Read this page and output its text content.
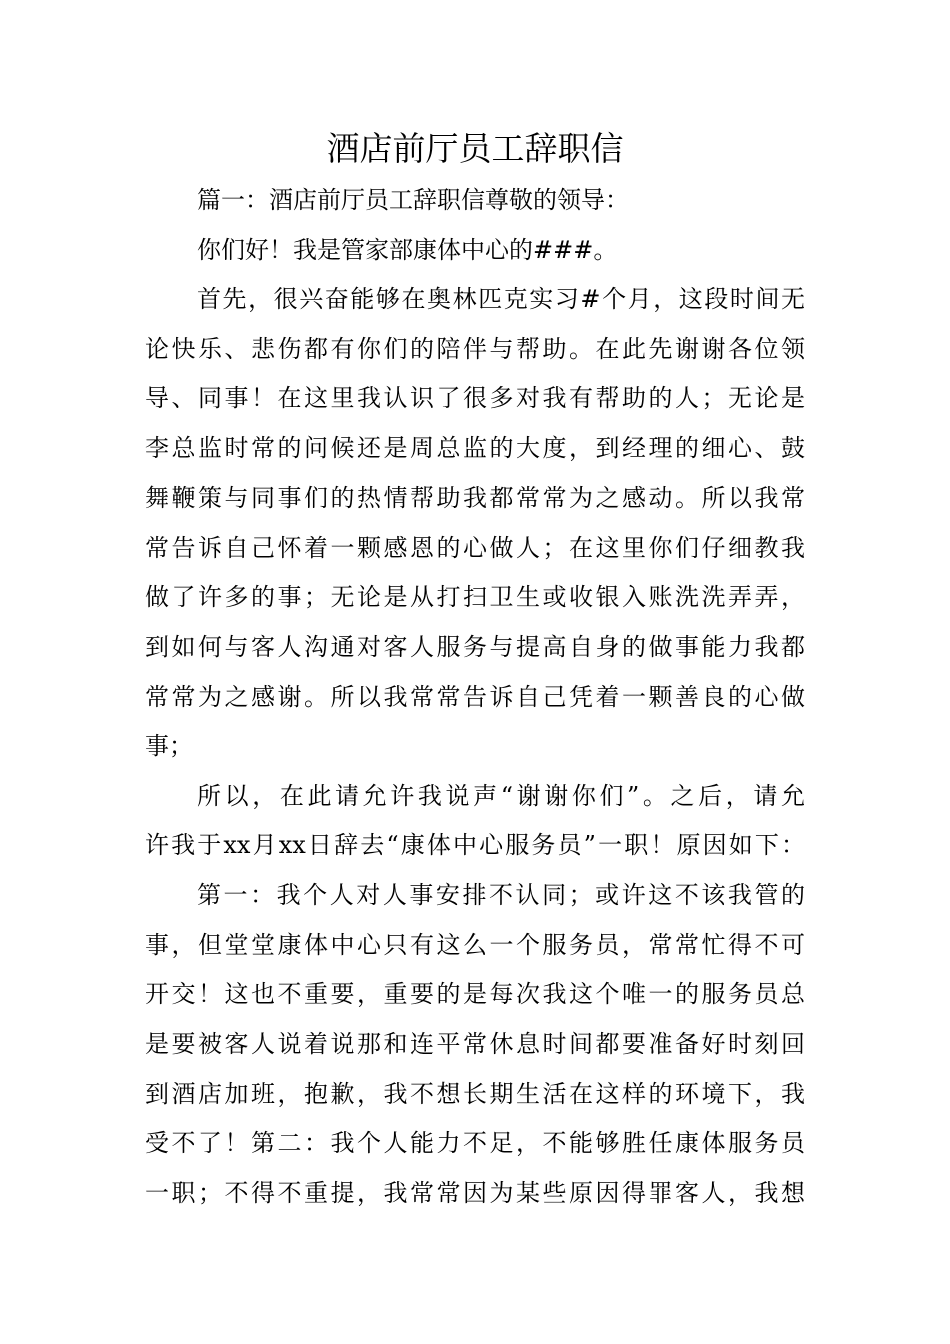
酒店前厅员工辞职信

篇一：酒店前厅员工辞职信尊敬的领导：

你们好！我是管家部康体中心的###。

首先，很兴奋能够在奥林匹克实习#个月，这段时间无

论快乐、悲伤都有你们的陪伴与帮助。在此先谢谢各位领

导、同事！在这里我认识了很多对我有帮助的人；无论是

李总监时常的问候还是周总监的大度，到经理的细心、鼓

舞鞭策与同事们的热情帮助我都常常为之感动。所以我常

常告诉自己怀着一颗感恩的心做人；在这里你们仔细教我

做了许多的事；无论是从打扫卫生或收银入账洗洗弄弄，

到如何与客人沟通对客人服务与提高自身的做事能力我都

常常为之感谢。所以我常常告诉自己凭着一颗善良的心做

事；

所以，在此请允许我说声“谢谢你们”。之后，请允

许我于xx月xx日辞去“康体中心服务员”一职！原因如下：

第一：我个人对人事安排不认同；或许这不该我管的

事，但堂堂康体中心只有这么一个服务员，常常忙得不可

开交！这也不重要，重要的是每次我这个唯一的服务员总

是要被客人说着说那和连平常休息时间都要准备好时刻回

到酒店加班，抱歉，我不想长期生活在这样的环境下，我

受不了！第二：我个人能力不足，不能够胜任康体服务员

一职；不得不重提，我常常因为某些原因得罪客人，我想
